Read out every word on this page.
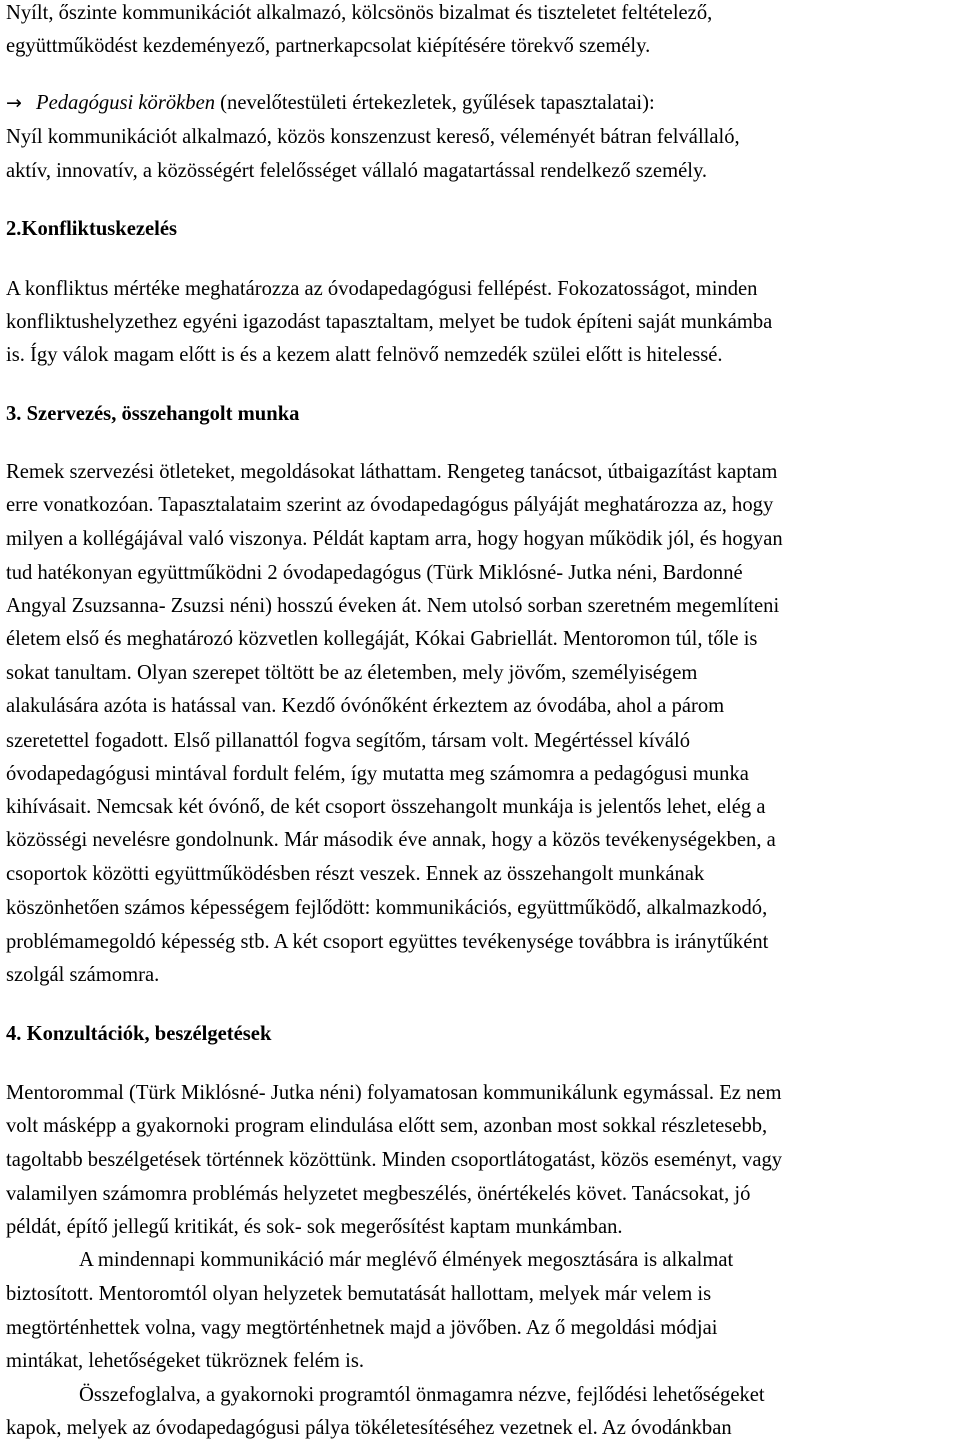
Nyílt, őszinte kommunikációt alkalmazó, kölcsönös bizalmat és tiszteletet feltételező,
együttműködést kezdeményező, partnerkapcsolat kiépítésére törekvő személy.
→ Pedagógusi körökben (nevelőtestületi értekezletek, gyűlések tapasztalatai):
Nyíl kommunikációt alkalmazó, közös konszenzust kereső, véleményét bátran felvállaló,
aktív, innovatív, a közösségért felelősséget vállaló magatartással rendelkező személy.
2.Konfliktuskezelés
A konfliktus mértéke meghatározza az óvodapedagógusi fellépést. Fokozatosságot, minden
konfliktushelyzethez egyéni igazodást tapasztaltam, melyet be tudok építeni saját munkámba
is. Így válok magam előtt is és a kezem alatt felnövő nemzedék szülei előtt is hitelessé.
3. Szervezés, összehangolt munka
Remek szervezési ötleteket, megoldásokat láthattam. Rengeteg tanácsot, útbaigazítást kaptam
erre vonatkozóan. Tapasztalataim szerint az óvodapedagógus pályáját meghatározza az, hogy
milyen a kollégájával való viszonya. Példát kaptam arra, hogy hogyan működik jól, és hogyan
tud hatékonyan együttműködni 2 óvodapedagógus (Türk Miklósné- Jutka néni, Bardonné
Angyal Zsuzsanna- Zsuzsi néni) hosszú éveken át. Nem utolsó sorban szeretném megemlíteni
életem első és meghatározó közvetlen kollegáját, Kókai Gabriellát. Mentoromon túl, tőle is
sokat tanultam. Olyan szerepet töltött be az életemben, mely jövőm, személyiségem
alakulására azóta is hatással van. Kezdő óvónőként érkeztem az óvodába, ahol a párom
szeretettel fogadott. Első pillanattól fogva segítőm, társam volt. Megértéssel kíváló
óvodapedagógusi mintával fordult felém, így mutatta meg számomra a pedagógusi munka
kihívásait. Nemcsak két óvónő, de két csoport összehangolt munkája is jelentős lehet, elég a
közösségi nevelésre gondolnunk. Már második éve annak, hogy a közös tevékenységekben, a
csoportok közötti együttműködésben részt veszek. Ennek az összehangolt munkának
köszönhetően számos képességem fejlődött: kommunikációs, együttműködő, alkalmazkodó,
problémamegoldó képesség stb. A két csoport együttes tevékenysége továbbra is iránytűként
szolgál számomra.
4. Konzultációk, beszélgetések
Mentorommal (Türk Miklósné- Jutka néni) folyamatosan kommunikálunk egymással. Ez nem
volt másképp a gyakornoki program elindulása előtt sem, azonban most sokkal részletesebb,
tagoltabb beszélgetések történnek közöttünk. Minden csoportlátogatást, közös eseményt, vagy
valamilyen számomra problémás helyzetet megbeszélés, önértékelés követ. Tanácsokat, jó
példát, építő jellegű kritikát, és sok- sok megerősítést kaptam munkámban.
A mindennapi kommunikáció már meglévő élmények megosztására is alkalmat
biztosított. Mentoromtól olyan helyzetek bemutatását hallottam, melyek már velem is
megtörténhettek volna, vagy megtörténhetnek majd a jövőben. Az ő megoldási módjai
mintákat, lehetőségeket tükröznek felém is.
Összefoglalva, a gyakornoki programtól önmagamra nézve, fejlődési lehetőségeket
kapok, melyek az óvodapedagógusi pálya tökéletesítéséhez vezetnek el. Az óvodánkban
